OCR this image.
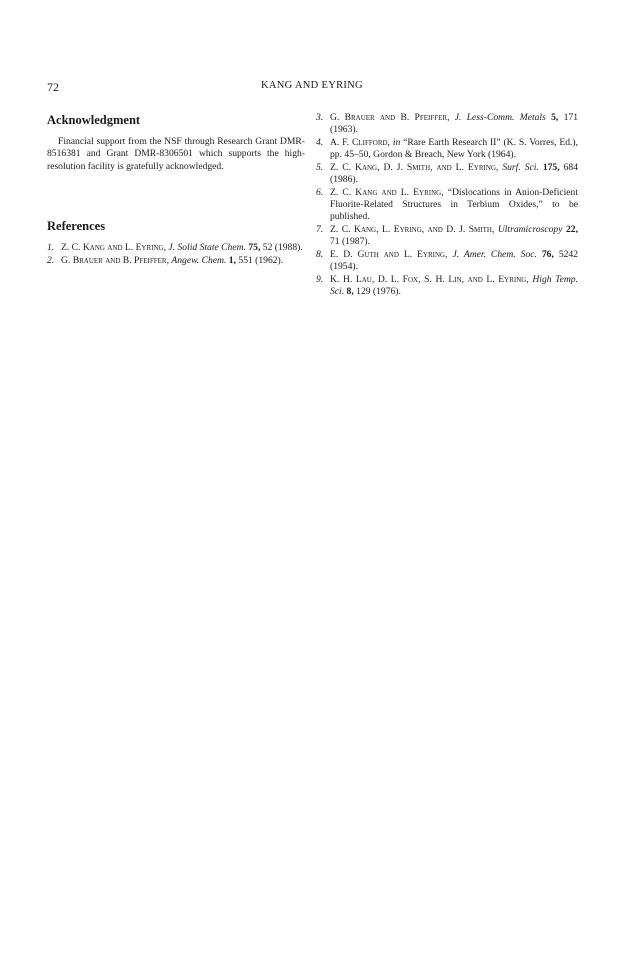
72	KANG AND EYRING
Acknowledgment

Financial support from the NSF through Research Grant DMR-8516381 and Grant DMR-8306501 which supports the high-resolution facility is gratefully acknowledged.

References
1. Z. C. Kang and L. Eyring, J. Solid State Chem. 75, 52 (1988).
2. G. Brauer and B. Pfeiffer, Angew. Chem. 1, 551 (1962).
3. G. Brauer and B. Pfeiffer, J. Less-Comm. Metals 5, 171 (1963).
4. A. F. Clifford, in “Rare Earth Research II” (K. S. Vorres, Ed.), pp. 45–50, Gordon & Breach, New York (1964).
5. Z. C. Kang, D. J. Smith, and L. Eyring, Surf. Sci. 175, 684 (1986).
6. Z. C. Kang and L. Eyring, “Dislocations in Anion-Deficient Fluorite-Related Structures in Terbium Oxides,” to be published.
7. Z. C. Kang, L. Eyring, and D. J. Smith, Ultramicroscopy 22, 71 (1987).
8. E. D. Guth and L. Eyring, J. Amer. Chem. Soc. 76, 5242 (1954).
9. K. H. Lau, D. L. Fox, S. H. Lin, and L. Eyring, High Temp. Sci. 8, 129 (1976).
